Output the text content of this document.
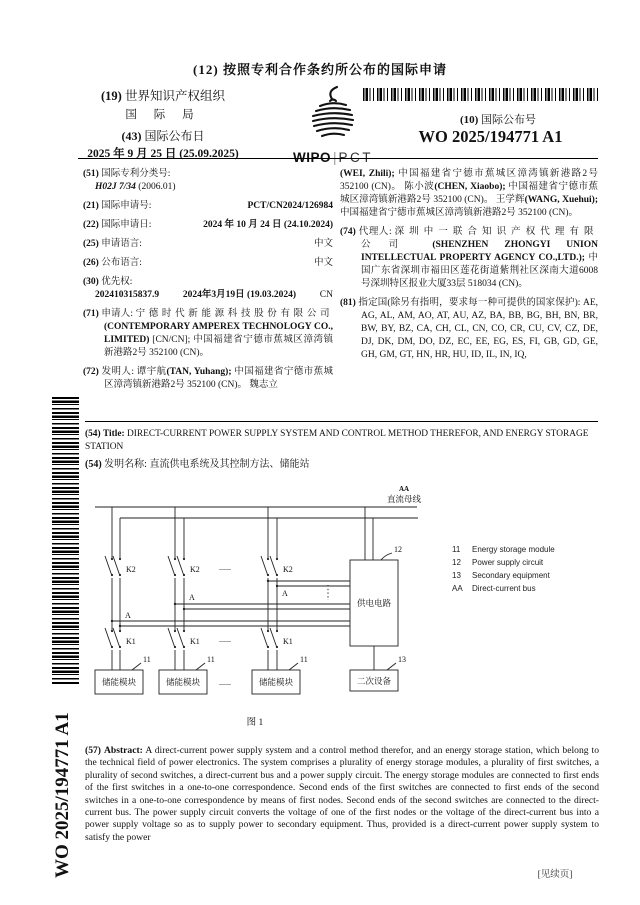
(12) 按照专利合作条约所公布的国际申请
(19) 世界知识产权组织
国 际 局
(43) 国际公布日
2025 年 9 月 25 日 (25.09.2025)	WIPO | PCT
(10) 国际公布号
WO 2025/194771 A1
(51) 国际专利分类号:
H02J 7/34 (2006.01)
(21) 国际申请号:	PCT/CN2024/126984
(22) 国际申请日:	2024 年 10 月 24 日 (24.10.2024)
(25) 申请语言:	中文
(26) 公布语言:	中文
(30) 优先权:
202410315837.9 2024年3月19日 (19.03.2024) CN
(71) 申请人: 宁德时代新能源科技股份有限公司 (CONTEMPORARY AMPEREX TECHNOLOGY CO., LIMITED) [CN/CN]; 中国福建省宁德市蕉城区漳湾镇新港路2号 352100 (CN)。
(72) 发明人: 谭宇航(TAN, Yuhang); 中国福建省宁德市蕉城区漳湾镇新港路2号 352100 (CN)。 魏志立
(WEI, Zhili); 中国福建省宁德市蕉城区漳湾镇新港路2号 352100 (CN)。 陈小波(CHEN, Xiaobo); 中国福建省宁德市蕉城区漳湾镇新港路2号 352100 (CN)。 王学辉(WANG, Xuehui); 中国福建省宁德市蕉城区漳湾镇新港路2号 352100 (CN)。
(74) 代理人: 深圳中一联合知识产权代理有限公司 (SHENZHEN ZHONGYI UNION INTELLECTUAL PROPERTY AGENCY CO.,LTD.); 中国广东省深圳市福田区莲花街道紫荆社区深南大道6008号深圳特区报业大厦33层 518034 (CN)。
(81) 指定国(除另有指明，要求每一种可提供的国家保护): AE, AG, AL, AM, AO, AT, AU, AZ, BA, BB, BG, BH, BN, BR, BW, BY, BZ, CA, CH, CL, CN, CO, CR, CU, CV, CZ, DE, DJ, DK, DM, DO, DZ, EC, EE, EG, ES, FI, GB, GD, GE, GH, GM, GT, HN, HR, HU, ID, IL, IN, IQ,
(54) Title: DIRECT-CURRENT POWER SUPPLY SYSTEM AND CONTROL METHOD THEREFOR, AND ENERGY STORAGE STATION
(54) 发明名称: 直流供电系统及其控制方法、储能站
AA
直流母线
K2	K2	K2
......
K1	K1	K1
......
......
A
A	A
储能模块	储能模块	储能模块
供电电路
二次设备
12
11	11	11	13
图 1
11	Energy storage module
12	Power supply circuit
13	Secondary equipment
AA	Direct-current bus
(57) Abstract: A direct-current power supply system and a control method therefor, and an energy storage station, which belong to the technical field of power electronics. The system comprises a plurality of energy storage modules, a plurality of first switches, a plurality of second switches, a direct-current bus and a power supply circuit. The energy storage modules are connected to first ends of the first switches in a one-to-one correspondence. Second ends of the first switches are connected to first ends of the second switches in a one-to-one correspondence by means of first nodes. Second ends of the second switches are connected to the direct-current bus. The power supply circuit converts the voltage of one of the first nodes or the voltage of the direct-current bus into a power supply voltage so as to supply power to secondary equipment. Thus, provided is a direct-current power supply system to satisfy the power
[见续页]
WO 2025/194771 A1
